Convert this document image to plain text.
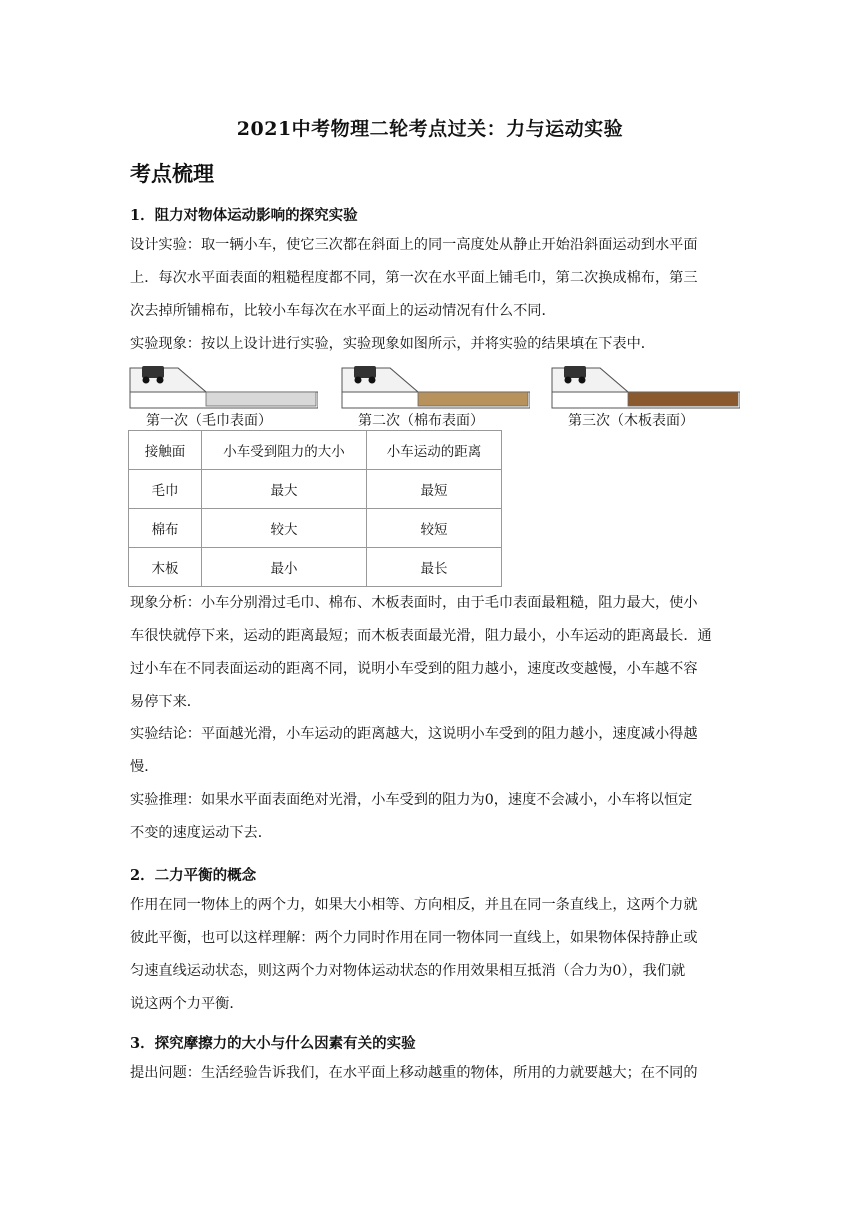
2021中考物理二轮考点过关：力与运动实验
考点梳理
1．阻力对物体运动影响的探究实验
设计实验：取一辆小车，使它三次都在斜面上的同一高度处从静止开始沿斜面运动到水平面
上．每次水平面表面的粗糙程度都不同，第一次在水平面上铺毛巾，第二次换成棉布，第三
次去掉所铺棉布，比较小车每次在水平面上的运动情况有什么不同．
实验现象：按以上设计进行实验，实验现象如图所示，并将实验的结果填在下表中．
第一次（毛巾表面）	第二次（棉布表面）	第三次（木板表面）
接触面	小车受到阻力的大小	小车运动的距离
毛巾	最大	最短
棉布	较大	较短
木板	最小	最长
现象分析：小车分别滑过毛巾、棉布、木板表面时，由于毛巾表面最粗糙，阻力最大，使小
车很快就停下来，运动的距离最短；而木板表面最光滑，阻力最小，小车运动的距离最长．通
过小车在不同表面运动的距离不同，说明小车受到的阻力越小，速度改变越慢，小车越不容
易停下来．
实验结论：平面越光滑，小车运动的距离越大，这说明小车受到的阻力越小，速度减小得越
慢．
实验推理：如果水平面表面绝对光滑，小车受到的阻力为0，速度不会减小，小车将以恒定
不变的速度运动下去．
2．二力平衡的概念
作用在同一物体上的两个力，如果大小相等、方向相反，并且在同一条直线上，这两个力就
彼此平衡，也可以这样理解：两个力同时作用在同一物体同一直线上，如果物体保持静止或
匀速直线运动状态，则这两个力对物体运动状态的作用效果相互抵消（合力为0），我们就
说这两个力平衡．
3．探究摩擦力的大小与什么因素有关的实验
提出问题：生活经验告诉我们，在水平面上移动越重的物体，所用的力就要越大；在不同的
